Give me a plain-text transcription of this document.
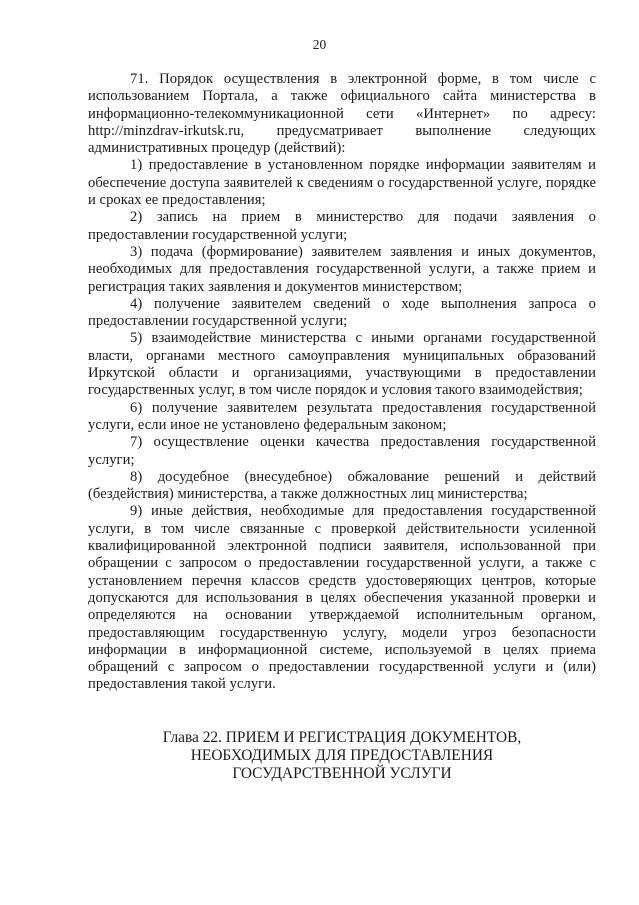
20

71. Порядок осуществления в электронной форме, в том числе с использованием Портала, а также официального сайта министерства в информационно-телекоммуникационной сети «Интернет» по адресу: http://minzdrav-irkutsk.ru, предусматривает выполнение следующих административных процедур (действий):

1) предоставление в установленном порядке информации заявителям и обеспечение доступа заявителей к сведениям о государственной услуге, порядке и сроках ее предоставления;

2) запись на прием в министерство для подачи заявления о предоставлении государственной услуги;

3) подача (формирование) заявителем заявления и иных документов, необходимых для предоставления государственной услуги, а также прием и регистрация таких заявления и документов министерством;

4) получение заявителем сведений о ходе выполнения запроса о предоставлении государственной услуги;

5) взаимодействие министерства с иными органами государственной власти, органами местного самоуправления муниципальных образований Иркутской области и организациями, участвующими в предоставлении государственных услуг, в том числе порядок и условия такого взаимодействия;

6) получение заявителем результата предоставления государственной услуги, если иное не установлено федеральным законом;

7) осуществление оценки качества предоставления государственной услуги;

8) досудебное (внесудебное) обжалование решений и действий (бездействия) министерства, а также должностных лиц министерства;

9) иные действия, необходимые для предоставления государственной услуги, в том числе связанные с проверкой действительности усиленной квалифицированной электронной подписи заявителя, использованной при обращении с запросом о предоставлении государственной услуги, а также с установлением перечня классов средств удостоверяющих центров, которые допускаются для использования в целях обеспечения указанной проверки и определяются на основании утверждаемой исполнительным органом, предоставляющим государственную услугу, модели угроз безопасности информации в информационной системе, используемой в целях приема обращений с запросом о предоставлении государственной услуги и (или) предоставления такой услуги.

Глава 22. ПРИЕМ И РЕГИСТРАЦИЯ ДОКУМЕНТОВ,
НЕОБХОДИМЫХ ДЛЯ ПРЕДОСТАВЛЕНИЯ
ГОСУДАРСТВЕННОЙ УСЛУГИ
